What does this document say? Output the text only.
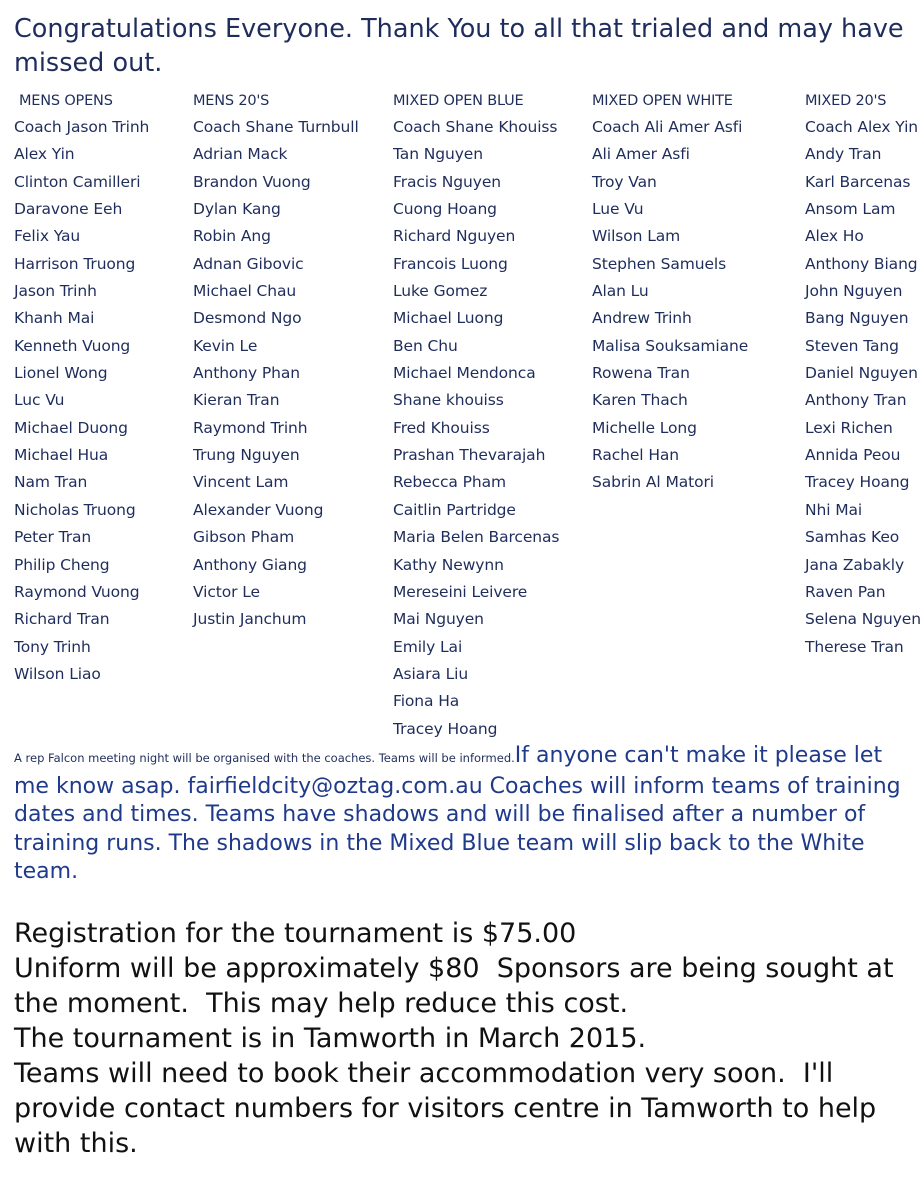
Congratulations Everyone. Thank You to all that trialed and may have missed out.
MENS OPENS
Coach Jason Trinh
Alex Yin
Clinton Camilleri
Daravone Eeh
Felix Yau
Harrison Truong
Jason Trinh
Khanh Mai
Kenneth Vuong
Lionel Wong
Luc Vu
Michael Duong
Michael Hua
Nam Tran
Nicholas Truong
Peter Tran
Philip Cheng
Raymond Vuong
Richard Tran
Tony Trinh
Wilson Liao
MENS 20'S
Coach Shane Turnbull
Adrian Mack
Brandon Vuong
Dylan Kang
Robin Ang
Adnan Gibovic
Michael Chau
Desmond Ngo
Kevin Le
Anthony Phan
Kieran Tran
Raymond Trinh
Trung Nguyen
Vincent Lam
Alexander Vuong
Gibson Pham
Anthony Giang
Victor Le
Justin Janchum
MIXED OPEN BLUE
Coach Shane Khouiss
Tan Nguyen
Fracis Nguyen
Cuong Hoang
Richard Nguyen
Francois Luong
Luke Gomez
Michael Luong
Ben Chu
Michael Mendonca
Shane khouiss
Fred Khouiss
Prashan Thevarajah
Rebecca Pham
Caitlin Partridge
Maria Belen Barcenas
Kathy Newynn
Mereseini Leivere
Mai Nguyen
Emily Lai
Asiara Liu
Fiona Ha
Tracey Hoang
MIXED OPEN WHITE
Coach Ali Amer Asfi
Ali Amer Asfi
Troy Van
Lue Vu
Wilson Lam
Stephen Samuels
Alan Lu
Andrew Trinh
Malisa Souksamiane
Rowena Tran
Karen Thach
Michelle Long
Rachel Han
Sabrin Al Matori
MIXED 20'S
Coach Alex Yin
Andy Tran
Karl Barcenas
Ansom Lam
Alex Ho
Anthony Biang
John Nguyen
Bang Nguyen
Steven Tang
Daniel Nguyen
Anthony Tran
Lexi Richen
Annida Peou
Tracey Hoang
Nhi Mai
Samhas Keo
Jana Zabakly
Raven Pan
Selena Nguyen
Therese Tran

A rep Falcon meeting night will be organised with the coaches. Teams will be informed.If anyone can't make it please let me know asap. fairfieldcity@oztag.com.au Coaches will inform teams of training dates and times. Teams have shadows and will be finalised after a number of training runs. The shadows in the Mixed Blue team will slip back to the White team.

Registration for the tournament is $75.00
Uniform will be approximately $80  Sponsors are being sought at the moment.  This may help reduce this cost.
The tournament is in Tamworth in March 2015.
Teams will need to book their accommodation very soon.  I'll provide contact numbers for visitors centre in Tamworth to help with this.
